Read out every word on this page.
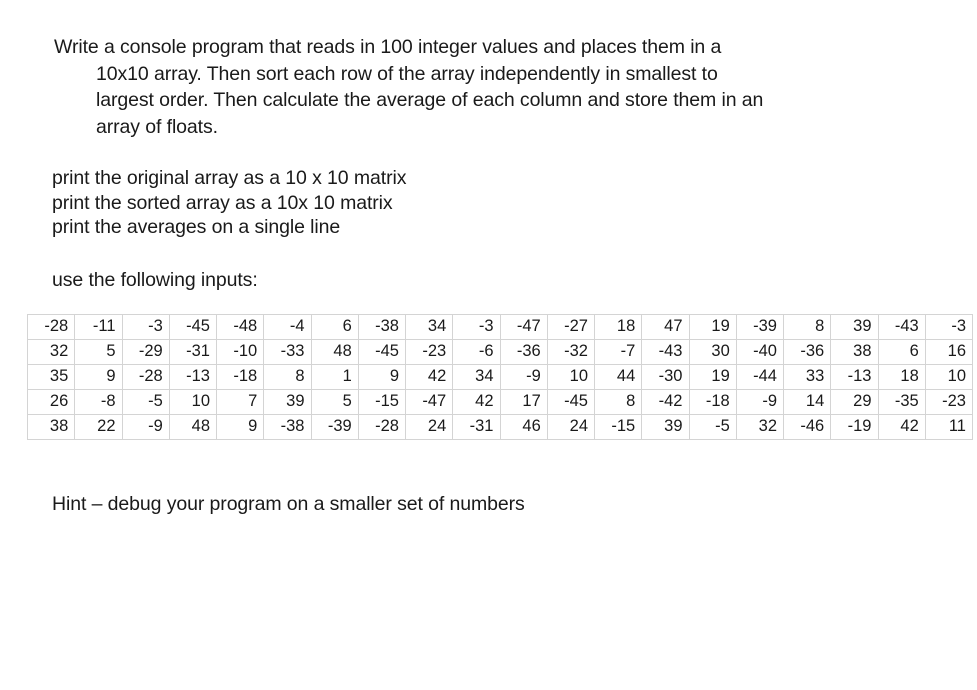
Write a console program that reads in 100 integer values and places them in a
10x10 array. Then sort each row of the array independently in smallest to
largest order. Then calculate the average of each column and store them in an
array of floats.
print the original array as a 10 x 10 matrix
print the sorted array as a 10x 10 matrix
print the averages on a single line
use the following inputs:
-28	-11	-3	-45	-48	-4	6	-38	34	-3	-47	-27	18	47	19	-39	8	39	-43	-3
32	5	-29	-31	-10	-33	48	-45	-23	-6	-36	-32	-7	-43	30	-40	-36	38	6	16
35	9	-28	-13	-18	8	1	9	42	34	-9	10	44	-30	19	-44	33	-13	18	10
26	-8	-5	10	7	39	5	-15	-47	42	17	-45	8	-42	-18	-9	14	29	-35	-23
38	22	-9	48	9	-38	-39	-28	24	-31	46	24	-15	39	-5	32	-46	-19	42	11
Hint – debug your program on a smaller set of numbers
